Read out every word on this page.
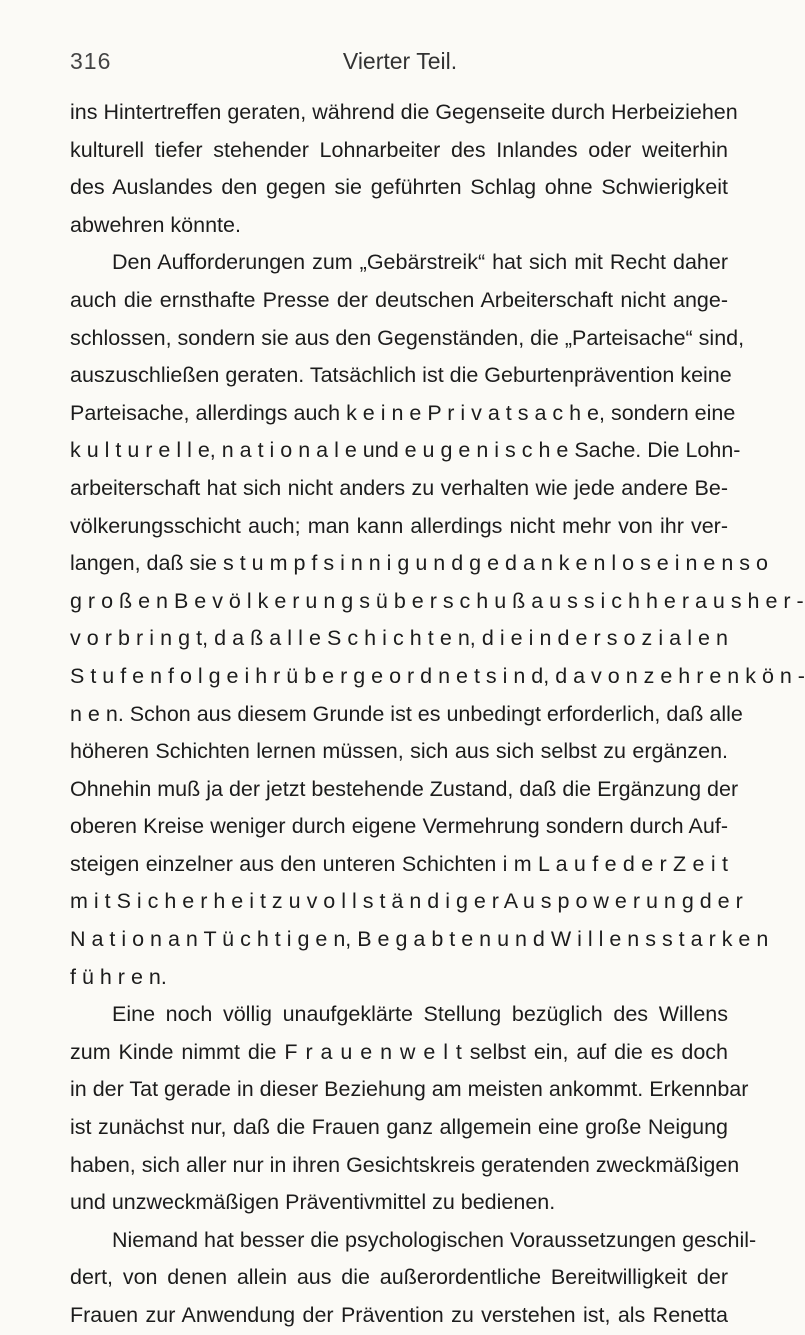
316	Vierter Teil.
ins Hintertreffen geraten, während die Gegenseite durch Herbeiziehen
kulturell tiefer stehender Lohnarbeiter des Inlandes oder weiterhin
des Auslandes den gegen sie geführten Schlag ohne Schwierigkeit
abwehren könnte.
Den Aufforderungen zum „Gebärstreik“ hat sich mit Recht daher
auch die ernsthafte Presse der deutschen Arbeiterschaft nicht ange-
schlossen, sondern sie aus den Gegenständen, die „Parteisache“ sind,
auszuschließen geraten. Tatsächlich ist die Geburtenprävention keine
Parteisache, allerdings auch k e i n e P r i v a t s a c h e, sondern eine
k u l t u r e l l e, n a t i o n a l e und e u g e n i s c h e Sache. Die Lohn-
arbeiterschaft hat sich nicht anders zu verhalten wie jede andere Be-
völkerungsschicht auch; man kann allerdings nicht mehr von ihr ver-
langen, daß sie s t u m p f s i n n i g u n d g e d a n k e n l o s e i n e n s o
g r o ß e n B e v ö l k e r u n g s ü b e r s c h u ß a u s s i c h h e r a u s h e r -
v o r b r i n g t, d a ß a l l e S c h i c h t e n, d i e i n d e r s o z i a l e n
S t u f e n f o l g e i h r ü b e r g e o r d n e t s i n d, d a v o n z e h r e n k ö n -
n e n. Schon aus diesem Grunde ist es unbedingt erforderlich, daß alle
höheren Schichten lernen müssen, sich aus sich selbst zu ergänzen.
Ohnehin muß ja der jetzt bestehende Zustand, daß die Ergänzung der
oberen Kreise weniger durch eigene Vermehrung sondern durch Auf-
steigen einzelner aus den unteren Schichten i m L a u f e d e r Z e i t
m i t S i c h e r h e i t z u v o l l s t ä n d i g e r A u s p o w e r u n g d e r
N a t i o n a n T ü c h t i g e n, B e g a b t e n u n d W i l l e n s s t a r k e n
f ü h r e n.
Eine noch völlig unaufgeklärte Stellung bezüglich des Willens
zum Kinde nimmt die F r a u e n w e l t selbst ein, auf die es doch
in der Tat gerade in dieser Beziehung am meisten ankommt. Erkennbar
ist zunächst nur, daß die Frauen ganz allgemein eine große Neigung
haben, sich aller nur in ihren Gesichtskreis geratenden zweckmäßigen
und unzweckmäßigen Präventivmittel zu bedienen.
Niemand hat besser die psychologischen Voraussetzungen geschil-
dert, von denen allein aus die außerordentliche Bereitwilligkeit der
Frauen zur Anwendung der Prävention zu verstehen ist, als Renetta
